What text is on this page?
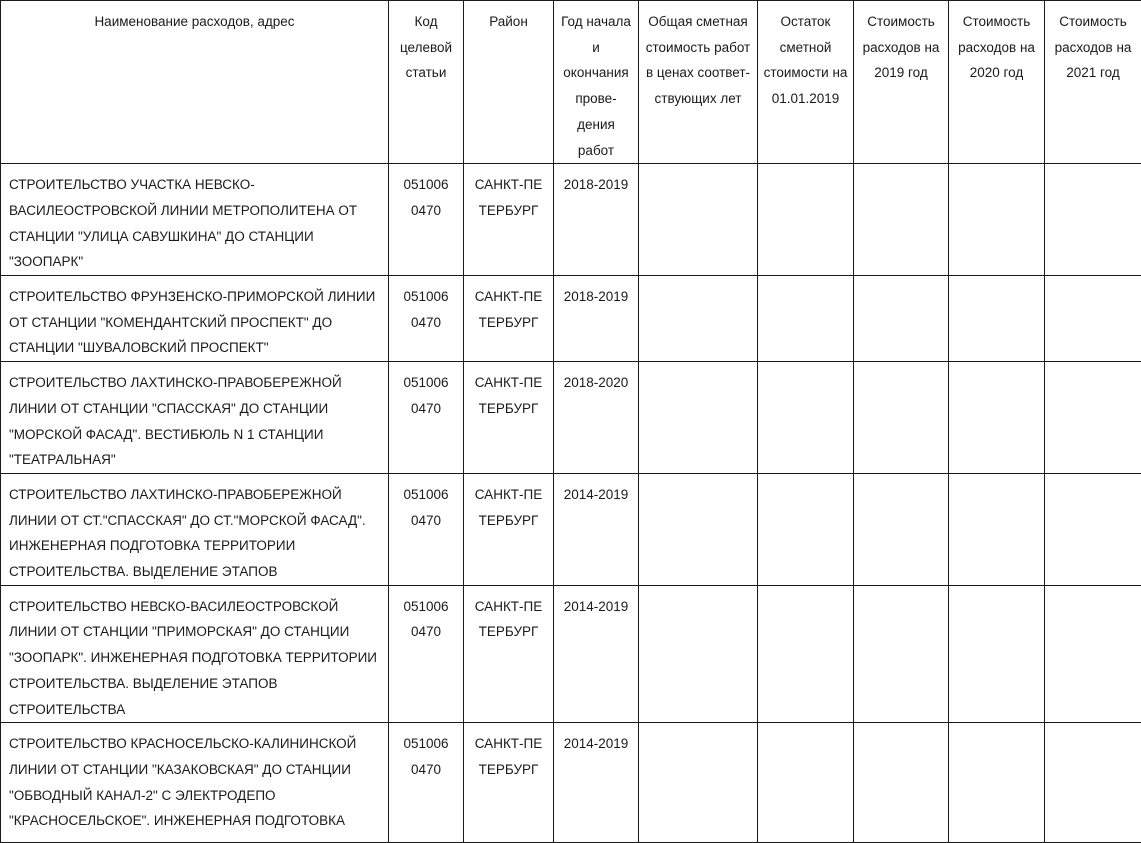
Наименование расходов, адрес	Код целевой статьи	Район	Год начала и окончания прове-дения работ	Общая сметная стоимость работ в ценах соответ-ствующих лет	Остаток сметной стоимости на 01.01.2019	Стоимость расходов на 2019 год	Стоимость расходов на 2020 год	Стоимость расходов на 2021 год

СТРОИТЕЛЬСТВО УЧАСТКА НЕВСКО-ВАСИЛЕОСТРОВСКОЙ ЛИНИИ МЕТРОПОЛИТЕНА ОТ СТАНЦИИ "УЛИЦА САВУШКИНА" ДО СТАНЦИИ "ЗООПАРК"	0510060470	САНКТ-ПЕТЕРБУРГ	2018-2019					

СТРОИТЕЛЬСТВО ФРУНЗЕНСКО-ПРИМОРСКОЙ ЛИНИИ ОТ СТАНЦИИ "КОМЕНДАНТСКИЙ ПРОСПЕКТ" ДО СТАНЦИИ "ШУВАЛОВСКИЙ ПРОСПЕКТ"	0510060470	САНКТ-ПЕТЕРБУРГ	2018-2019					

СТРОИТЕЛЬСТВО ЛАХТИНСКО-ПРАВОБЕРЕЖНОЙ ЛИНИИ ОТ СТАНЦИИ "СПАССКАЯ" ДО СТАНЦИИ "МОРСКОЙ ФАСАД". ВЕСТИБЮЛЬ N 1 СТАНЦИИ "ТЕАТРАЛЬНАЯ"	0510060470	САНКТ-ПЕТЕРБУРГ	2018-2020					

СТРОИТЕЛЬСТВО ЛАХТИНСКО-ПРАВОБЕРЕЖНОЙ ЛИНИИ ОТ СТ."СПАССКАЯ" ДО СТ."МОРСКОЙ ФАСАД". ИНЖЕНЕРНАЯ ПОДГОТОВКА ТЕРРИТОРИИ СТРОИТЕЛЬСТВА. ВЫДЕЛЕНИЕ ЭТАПОВ	0510060470	САНКТ-ПЕТЕРБУРГ	2014-2019					

СТРОИТЕЛЬСТВО НЕВСКО-ВАСИЛЕОСТРОВСКОЙ ЛИНИИ ОТ СТАНЦИИ "ПРИМОРСКАЯ" ДО СТАНЦИИ "ЗООПАРК". ИНЖЕНЕРНАЯ ПОДГОТОВКА ТЕРРИТОРИИ СТРОИТЕЛЬСТВА. ВЫДЕЛЕНИЕ ЭТАПОВ СТРОИТЕЛЬСТВА	0510060470	САНКТ-ПЕТЕРБУРГ	2014-2019					

СТРОИТЕЛЬСТВО КРАСНОСЕЛЬСКО-КАЛИНИНСКОЙ ЛИНИИ ОТ СТАНЦИИ "КАЗАКОВСКАЯ" ДО СТАНЦИИ "ОБВОДНЫЙ КАНАЛ-2" С ЭЛЕКТРОДЕПО "КРАСНОСЕЛЬСКОЕ". ИНЖЕНЕРНАЯ ПОДГОТОВКА	0510060470	САНКТ-ПЕТЕРБУРГ	2014-2019					
